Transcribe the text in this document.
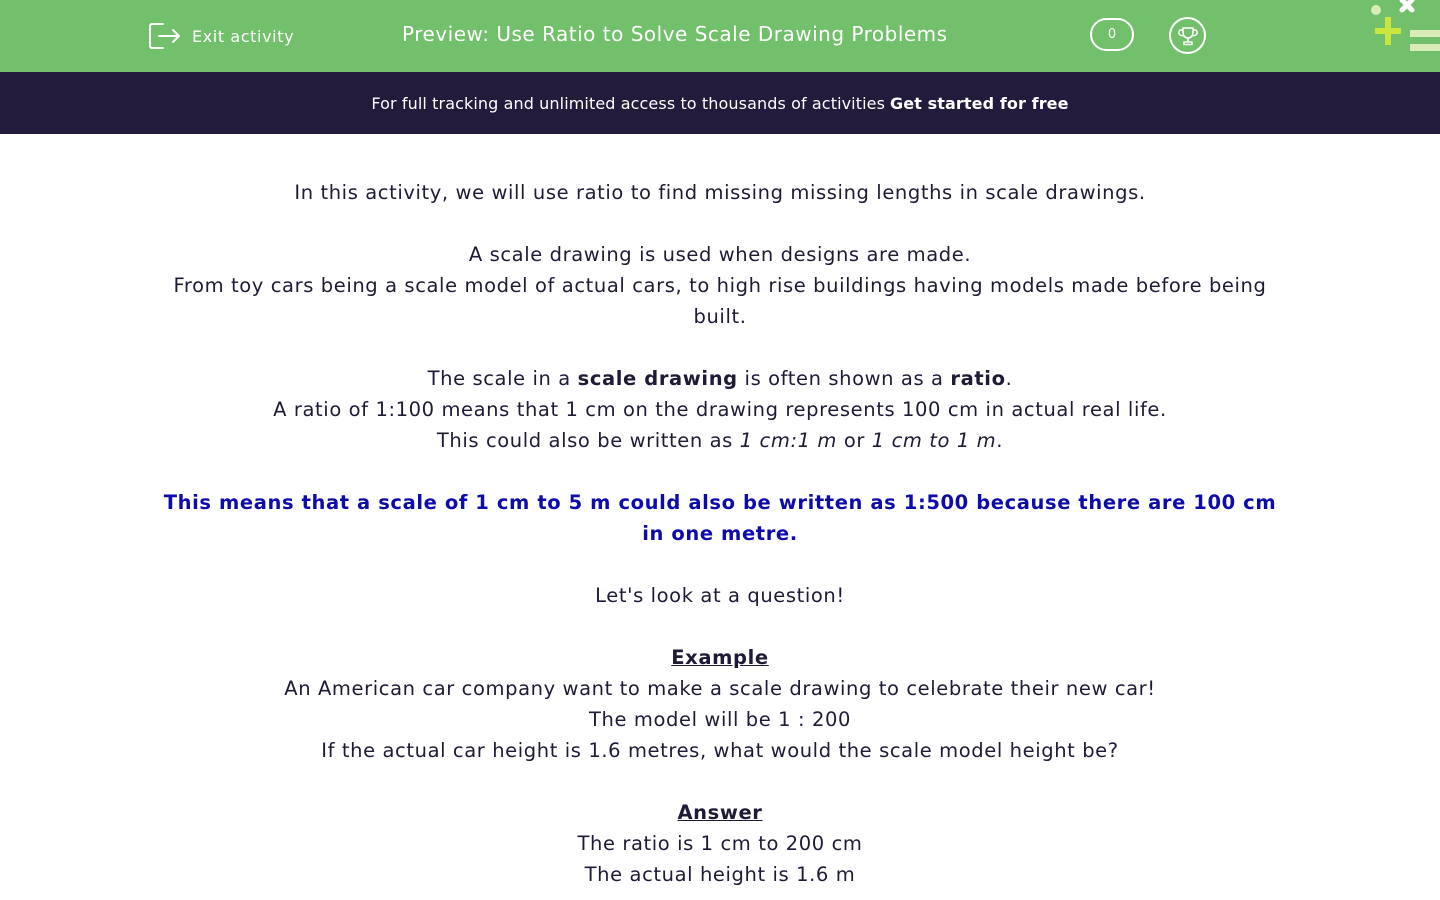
Exit activity	Preview: Use Ratio to Solve Scale Drawing Problems	0
For full tracking and unlimited access to thousands of activities Get started for free

In this activity, we will use ratio to find missing missing lengths in scale drawings.

A scale drawing is used when designs are made.

From toy cars being a scale model of actual cars, to high rise buildings having models made before being built.

The scale in a scale drawing is often shown as a ratio.

A ratio of 1:100 means that 1 cm on the drawing represents 100 cm in actual real life.

This could also be written as 1 cm:1 m or 1 cm to 1 m.

This means that a scale of 1 cm to 5 m could also be written as 1:500 because there are 100 cm in one metre.

Let's look at a question!

Example

An American car company want to make a scale drawing to celebrate their new car!

The model will be 1 : 200

If the actual car height is 1.6 metres, what would the scale model height be?

Answer

The ratio is 1 cm to 200 cm

The actual height is 1.6 m
